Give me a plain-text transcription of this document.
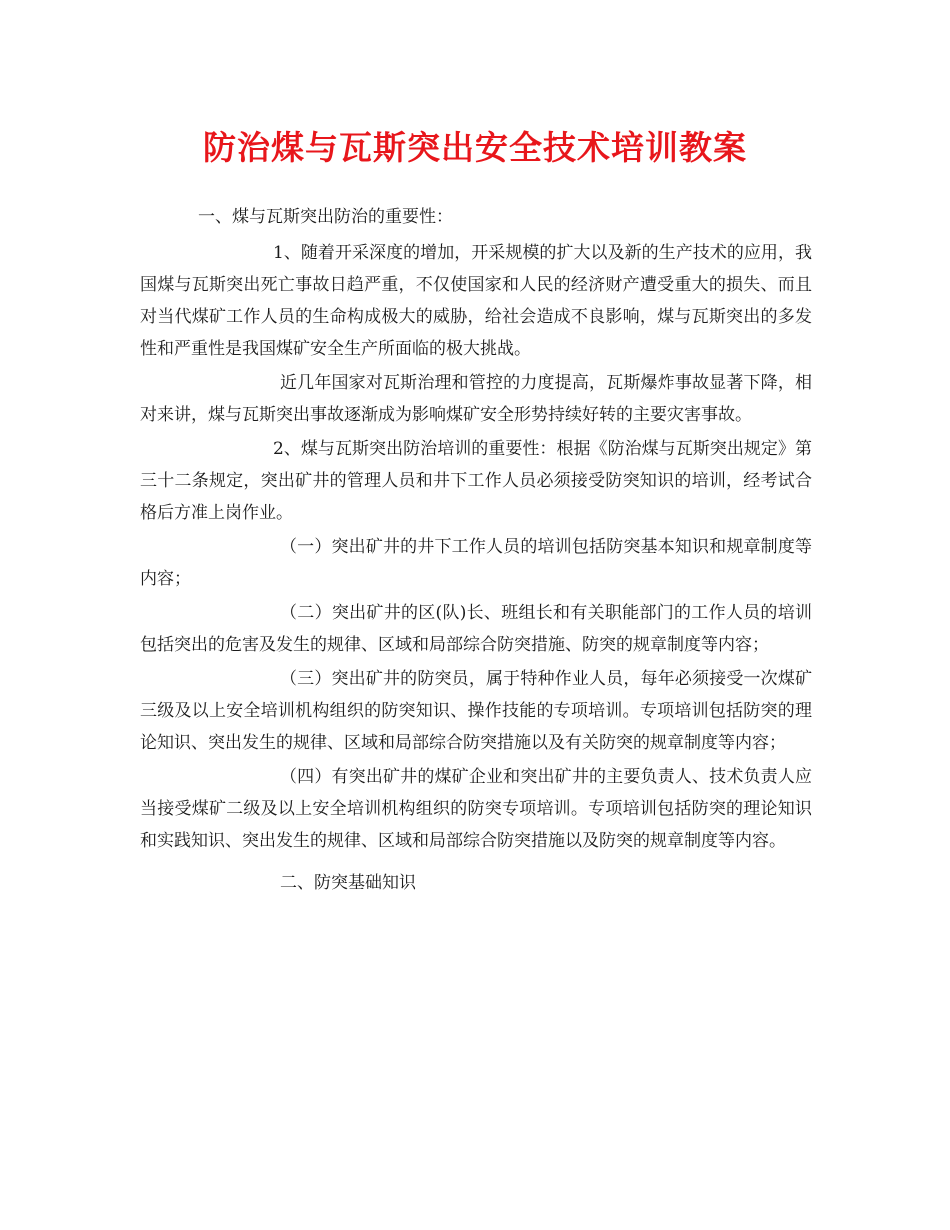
防治煤与瓦斯突出安全技术培训教案

一、煤与瓦斯突出防治的重要性：

1、随着开采深度的增加，开采规模的扩大以及新的生产技术的应用，我国煤与瓦斯突出死亡事故日趋严重，不仅使国家和人民的经济财产遭受重大的损失、而且对当代煤矿工作人员的生命构成极大的威胁，给社会造成不良影响，煤与瓦斯突出的多发性和严重性是我国煤矿安全生产所面临的极大挑战。

近几年国家对瓦斯治理和管控的力度提高，瓦斯爆炸事故显著下降，相对来讲，煤与瓦斯突出事故逐渐成为影响煤矿安全形势持续好转的主要灾害事故。

2、煤与瓦斯突出防治培训的重要性：根据《防治煤与瓦斯突出规定》第三十二条规定，突出矿井的管理人员和井下工作人员必须接受防突知识的培训，经考试合格后方准上岗作业。

（一）突出矿井的井下工作人员的培训包括防突基本知识和规章制度等内容；

（二）突出矿井的区(队)长、班组长和有关职能部门的工作人员的培训包括突出的危害及发生的规律、区域和局部综合防突措施、防突的规章制度等内容；

（三）突出矿井的防突员，属于特种作业人员，每年必须接受一次煤矿三级及以上安全培训机构组织的防突知识、操作技能的专项培训。专项培训包括防突的理论知识、突出发生的规律、区域和局部综合防突措施以及有关防突的规章制度等内容；

（四）有突出矿井的煤矿企业和突出矿井的主要负责人、技术负责人应当接受煤矿二级及以上安全培训机构组织的防突专项培训。专项培训包括防突的理论知识和实践知识、突出发生的规律、区域和局部综合防突措施以及防突的规章制度等内容。

二、防突基础知识
